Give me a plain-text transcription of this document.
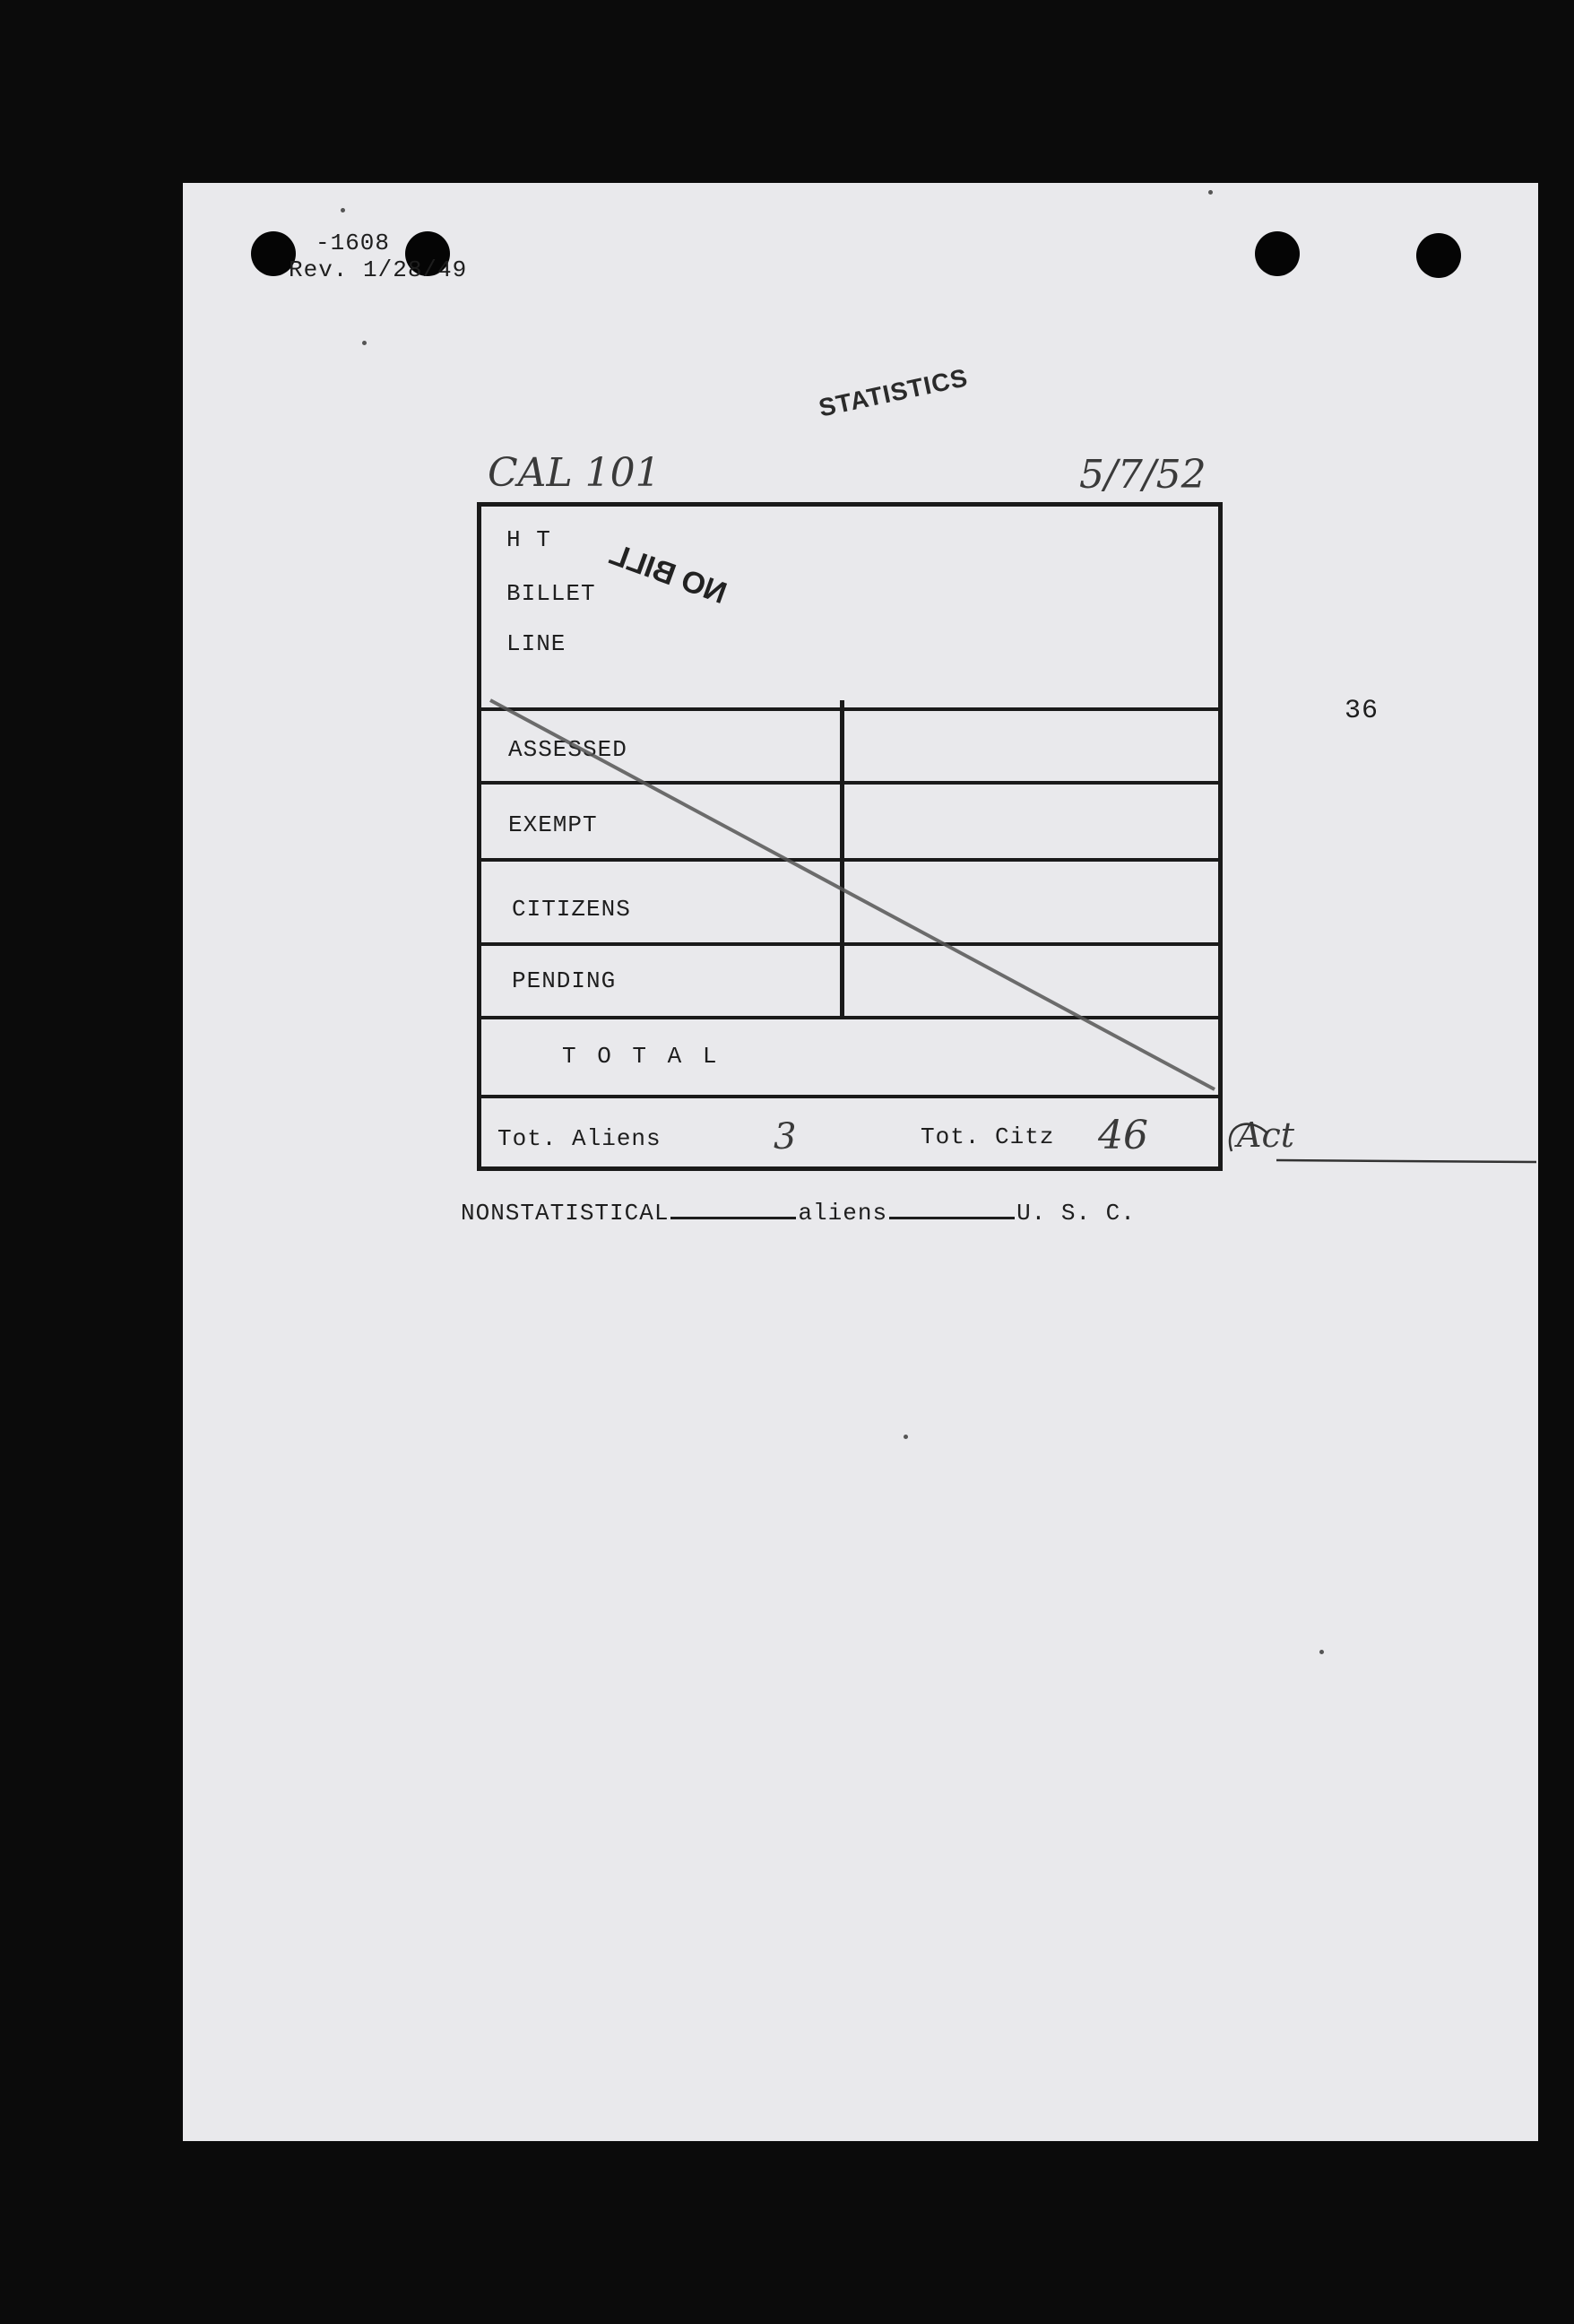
-1608
Rev. 1/28/49
STATISTICS
CAL 101	5/7/52
H T
BILLET
LINE
NO BILL
ASSESSED
EXEMPT
CITIZENS
PENDING
T O T A L
Tot. Aliens	3	Tot. Citz 46	Act
36
NONSTATISTICAL	aliens	U. S. C.
